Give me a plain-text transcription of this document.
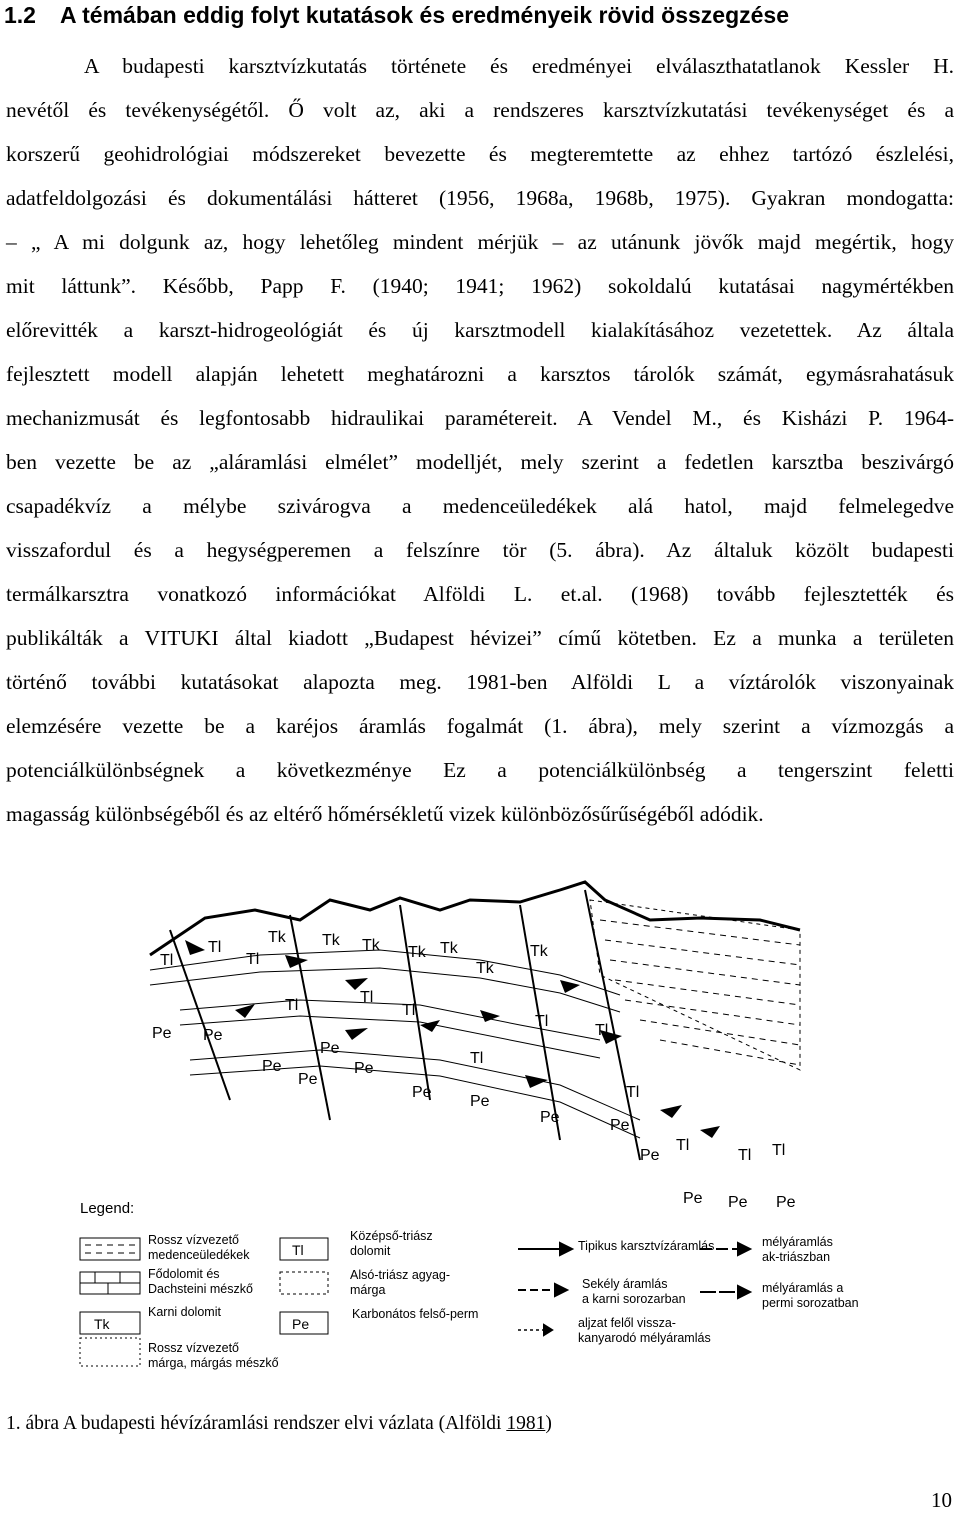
1.2 A témában eddig folyt kutatások és eredményeik rövid összegzése
A budapesti karsztvízkutatás története és eredményei elválaszthatatlanok Kessler H.
nevétől és tevékenységétől. Ő volt az, aki a rendszeres karsztvízkutatási tevékenységet és a
korszerű geohidrológiai módszereket bevezette és megteremtette az ehhez tartózó észlelési,
adatfeldolgozási és dokumentálási hátteret (1956, 1968a, 1968b, 1975). Gyakran mondogatta:
– „ A mi dolgunk az, hogy lehetőleg mindent mérjük – az utánunk jövők majd megértik, hogy
mit láttunk”. Később, Papp F. (1940; 1941; 1962) sokoldalú kutatásai nagymértékben
előrevitték a karszt-hidrogeológiát és új karsztmodell kialakításához vezetettek. Az általa
fejlesztett modell alapján lehetett meghatározni a karsztos tárolók számát, egymásrahatásuk
mechanizmusát és legfontosabb hidraulikai paramétereit. A Vendel M., és Kisházi P. 1964-
ben vezette be az „aláramlási elmélet” modelljét, mely szerint a fedetlen karsztba beszivárgó
csapadékvíz a mélybe szivárogva a medenceüledékek alá hatol, majd felmelegedve
visszafordul és a hegységperemen a felszínre tör (5. ábra). Az általuk közölt budapesti
termálkarsztra vonatkozó információkat Alföldi L. et.al. (1968) tovább fejlesztették és
publikálták a VITUKI által kiadott „Budapest hévizei” című kötetben. Ez a munka a területen
történő további kutatásokat alapozta meg. 1981-ben Alföldi L a víztárolók viszonyainak
elemzésére vezette be a karéjos áramlás fogalmát (1. ábra), mely szerint a vízmozgás a
potenciálkülönbségnek a következménye Ez a potenciálkülönbség a tengerszint feletti
magasság különbségéből és az eltérő hőmérsékletű vizek különbözősűrűségéből adódik.
Tl
Tl
Tl
Tk Tk Tk Tk Tk
Tk
Tk
Tl	Tl
Tl
Tl
Tl
Tl
Tl
Tl
Tl Tl
Pe Pe
Pe
Pe
Pe
Pe
Pe
Pe
Pe	Pe
Pe
Pe Pe Pe
Legend:
Tk
Tl
Pe
Rossz vízvezető
medenceüledékek
Fődolomit és
Dachsteini mészkő
Karni dolomit
Rossz vízvezető
márga, márgás mészkő
Középső-triász
dolomit
Alsó-triász agyag-
márga
Karbonátos felső-perm
Tipikus karsztvízáramlás
Sekély áramlás
a karni sorozarban
aljzat felől vissza-
kanyarodó mélyáramlás
mélyáramlás
ak-triászban
mélyáramlás a
permi sorozatban
1. ábra A budapesti hévízáramlási rendszer elvi vázlata (Alföldi 1981)
10
